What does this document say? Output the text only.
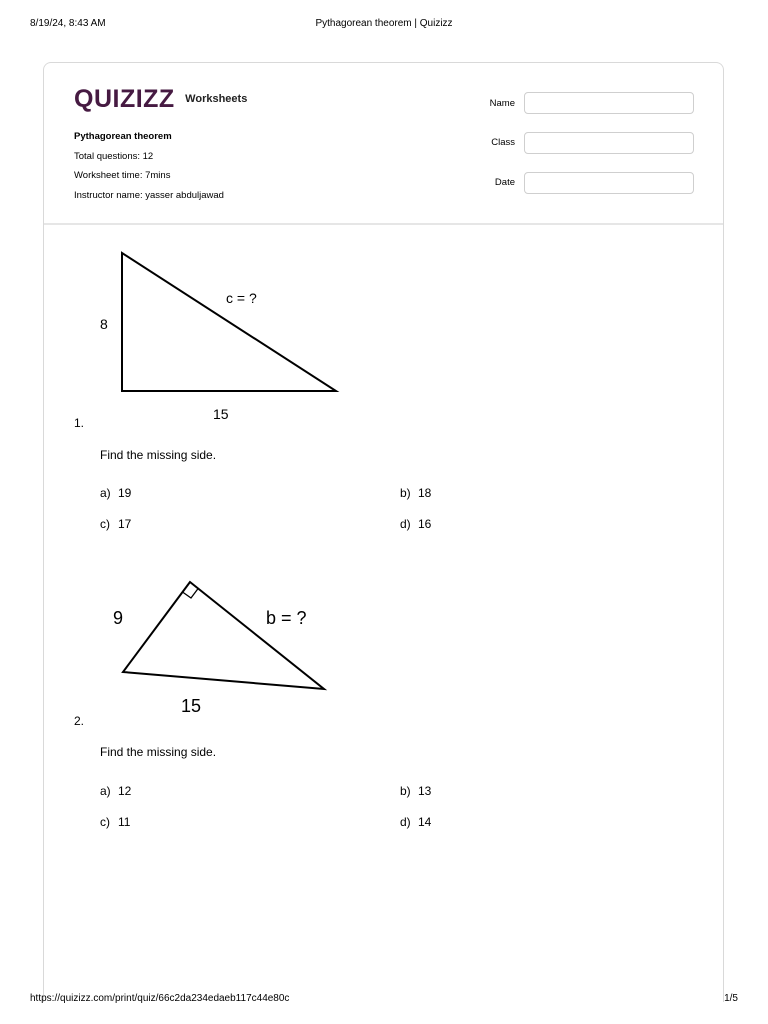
8/19/24, 8:43 AM	Pythagorean theorem | Quizizz
QUIZIZZ Worksheets
Pythagorean theorem
Total questions: 12
Worksheet time: 7mins
Instructor name: yasser abduljawad
Name
Class
Date
8
15
c = ?
1.
Find the missing side.
a) 19	b) 18
c) 17	d) 16
9
15
b = ?
2.
Find the missing side.
a) 12	b) 13
c) 11	d) 14
https://quizizz.com/print/quiz/66c2da234edaeb117c44e80c	1/5
